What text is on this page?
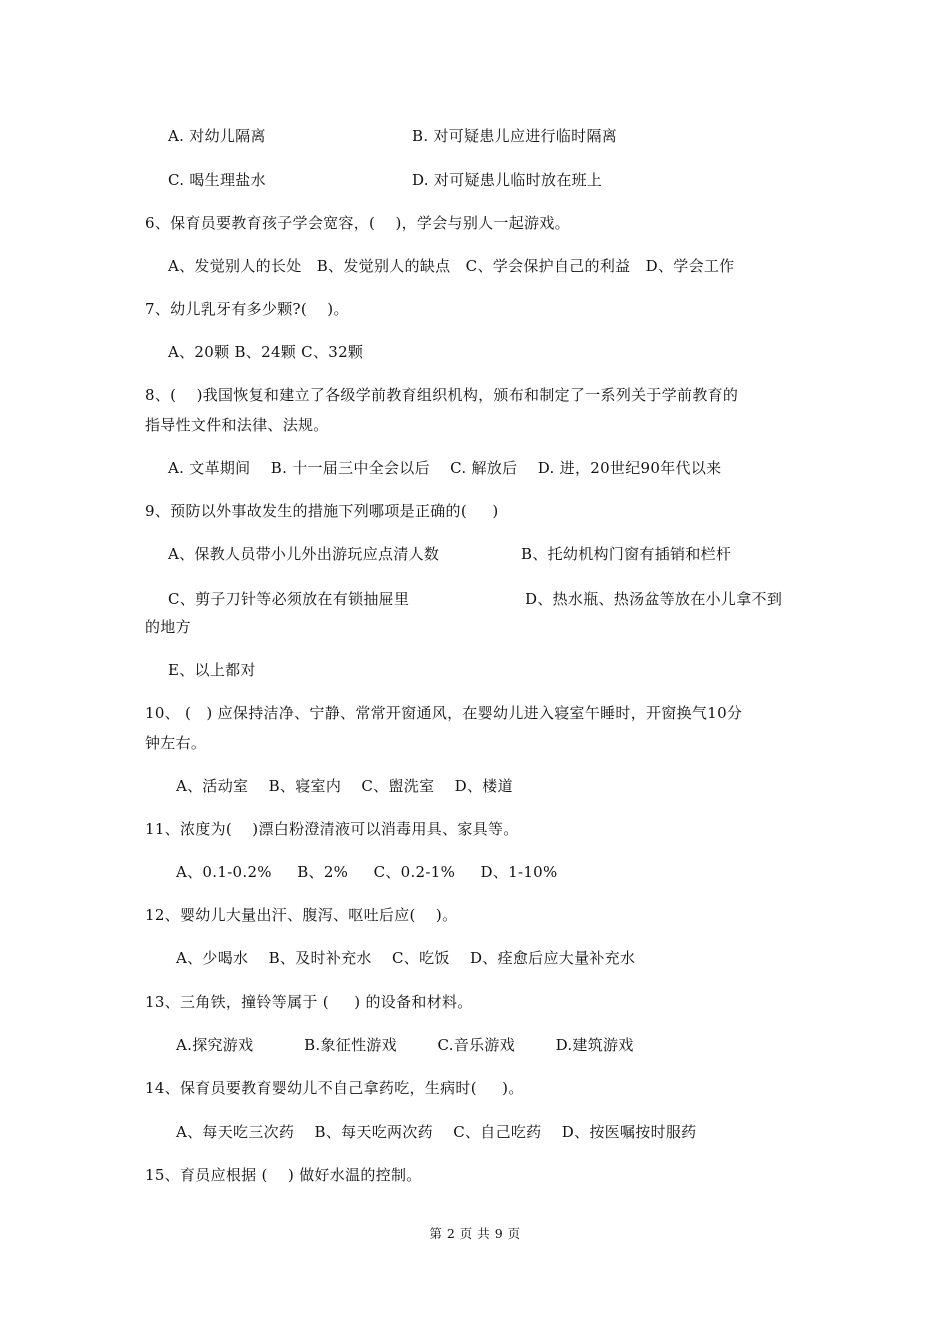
A. 对幼儿隔离	B. 对可疑患儿应进行临时隔离
C. 喝生理盐水	D. 对可疑患儿临时放在班上
6、保育员要教育孩子学会宽容，(    )，学会与别人一起游戏。
A、发觉别人的长处   B、发觉别人的缺点   C、学会保护自己的利益   D、学会工作
7、幼儿乳牙有多少颗?(    )。
A、20颗 B、24颗 C、32颗
8、(    )我国恢复和建立了各级学前教育组织机构，颁布和制定了一系列关于学前教育的
指导性文件和法律、法规。
A. 文革期间    B. 十一届三中全会以后    C. 解放后    D. 进，20世纪90年代以来
9、预防以外事故发生的措施下列哪项是正确的(     )
A、保教人员带小儿外出游玩应点清人数	B、托幼机构门窗有插销和栏杆
C、剪子刀针等必须放在有锁抽屉里	D、热水瓶、热汤盆等放在小儿拿不到
的地方
E、以上都对
10、 (   ) 应保持洁净、宁静、常常开窗通风，在婴幼儿进入寝室午睡时，开窗换气10分
钟左右。
A、活动室    B、寝室内    C、盥洗室    D、楼道
11、浓度为(    )漂白粉澄清液可以消毒用具、家具等。
A、0.1-0.2%     B、2%     C、0.2-1%     D、1-10%
12、婴幼儿大量出汗、腹泻、呕吐后应(    )。
A、少喝水    B、及时补充水    C、吃饭    D、痊愈后应大量补充水
13、三角铁，撞铃等属于 (     ) 的设备和材料。
A.探究游戏          B.象征性游戏        C.音乐游戏        D.建筑游戏
14、保育员要教育婴幼儿不自己拿药吃，生病时(     )。
A、每天吃三次药    B、每天吃两次药    C、自己吃药    D、按医嘱按时服药
15、育员应根据 (    ) 做好水温的控制。
第 2 页 共 9 页
